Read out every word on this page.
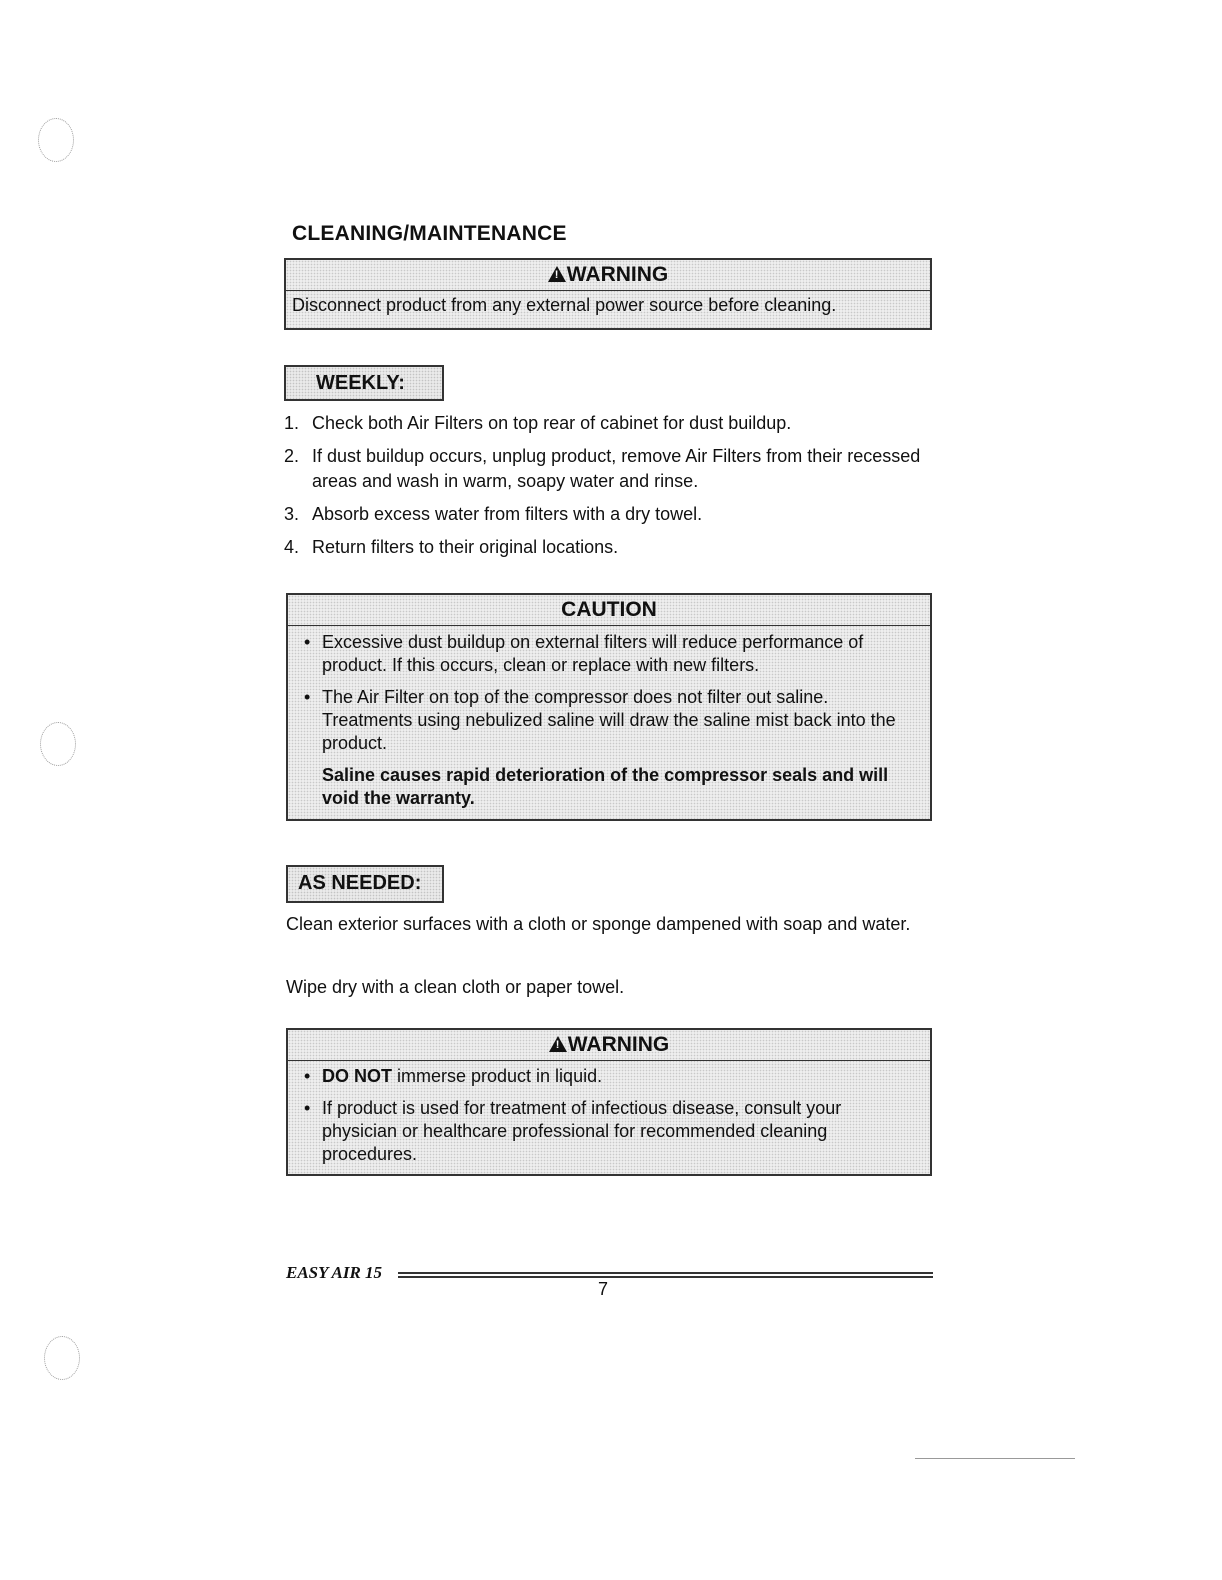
CLEANING/MAINTENANCE
!WARNING
Disconnect product from any external power source before cleaning.
WEEKLY:
1. Check both Air Filters on top rear of cabinet for dust buildup.
2. If dust buildup occurs, unplug product, remove Air Filters from their recessed areas and wash in warm, soapy water and rinse.
3. Absorb excess water from filters with a dry towel.
4. Return filters to their original locations.
CAUTION
• Excessive dust buildup on external filters will reduce performance of product. If this occurs, clean or replace with new filters.
• The Air Filter on top of the compressor does not filter out saline. Treatments using nebulized saline will draw the saline mist back into the product.
Saline causes rapid deterioration of the compressor seals and will void the warranty.
AS NEEDED:
Clean exterior surfaces with a cloth or sponge dampened with soap and water.
Wipe dry with a clean cloth or paper towel.
!WARNING
• DO NOT immerse product in liquid.
• If product is used for treatment of infectious disease, consult your physician or healthcare professional for recommended cleaning procedures.
EASY AIR 15
7
